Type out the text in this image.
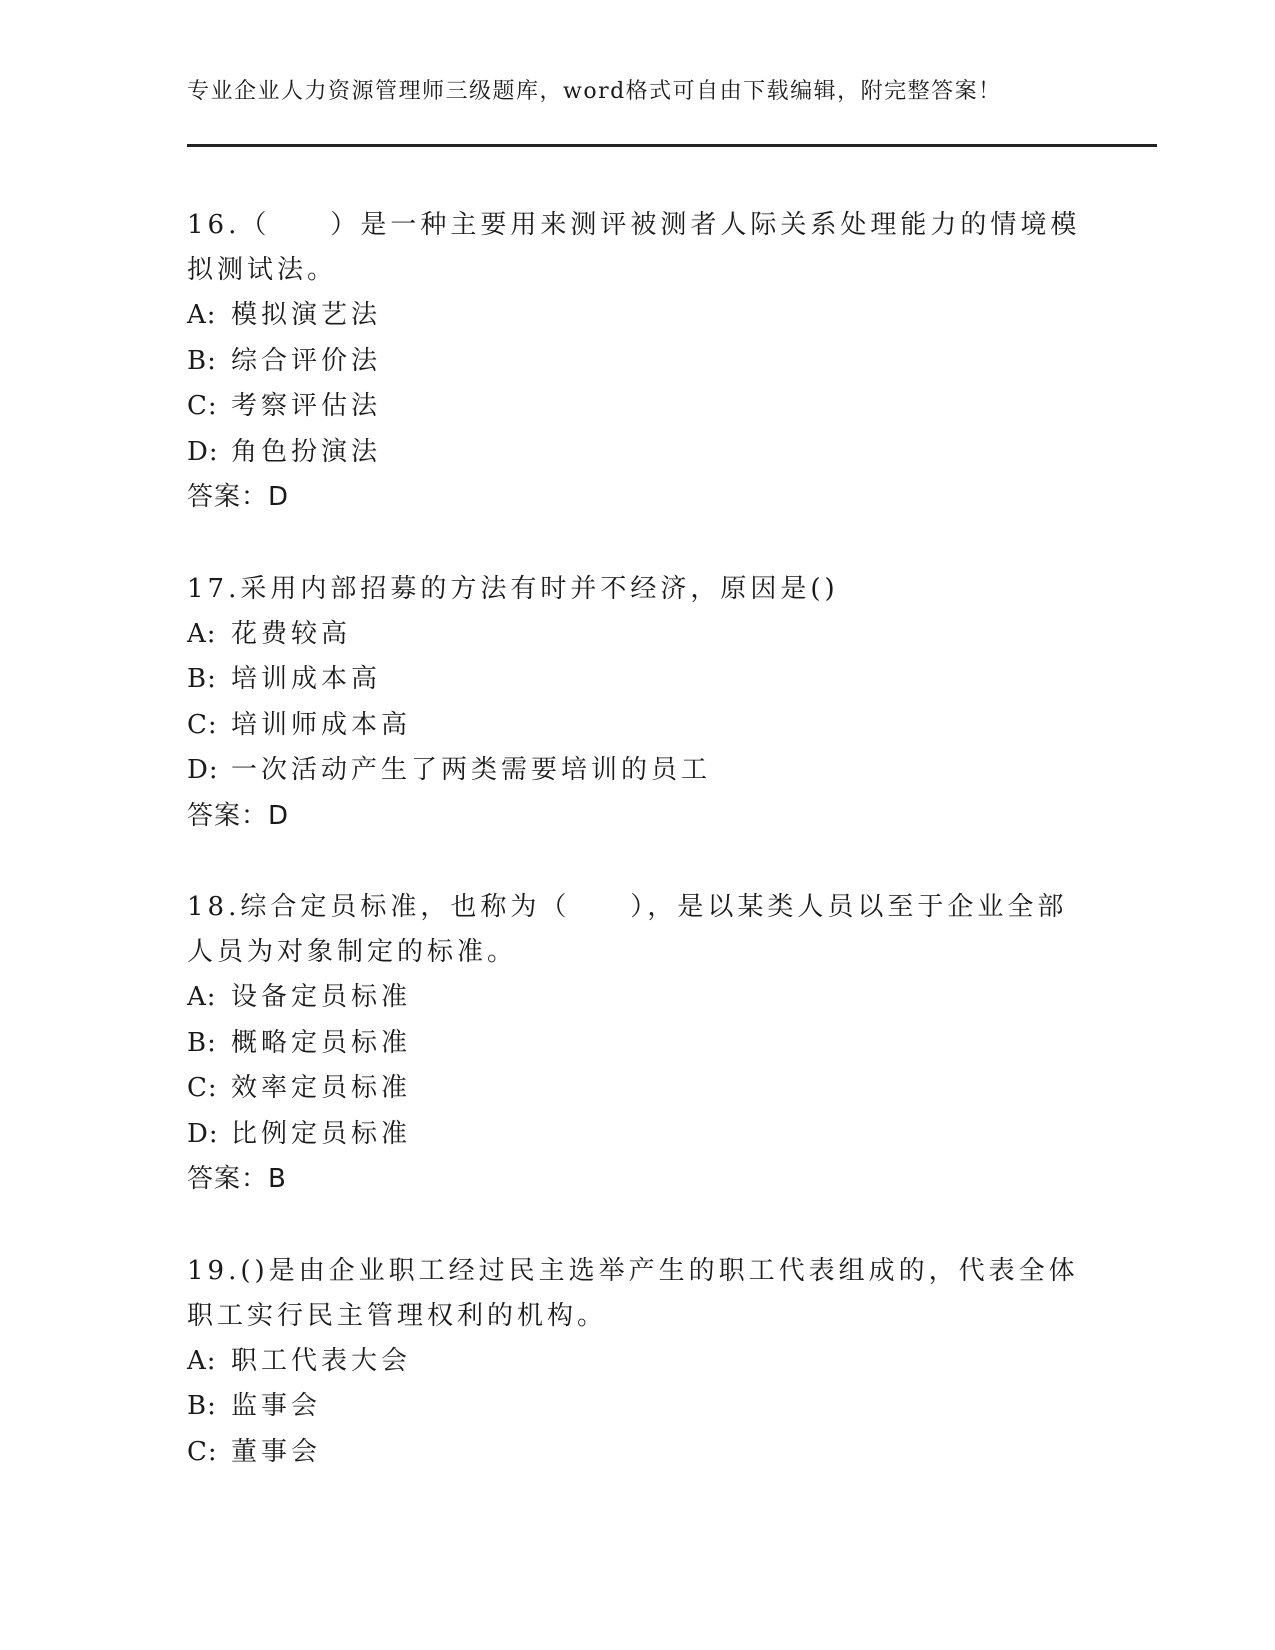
专业企业人力资源管理师三级题库，word格式可自由下载编辑，附完整答案！

16.（　　）是一种主要用来测评被测者人际关系处理能力的情境模拟测试法。

A: 模拟演艺法
B: 综合评价法
C: 考察评估法
D: 角色扮演法
答案：D

17.采用内部招募的方法有时并不经济，原因是()

A: 花费较高
B: 培训成本高
C: 培训师成本高
D: 一次活动产生了两类需要培训的员工
答案：D

18.综合定员标准，也称为（　　），是以某类人员以至于企业全部人员为对象制定的标准。

A: 设备定员标准
B: 概略定员标准
C: 效率定员标准
D: 比例定员标准
答案：B

19.()是由企业职工经过民主选举产生的职工代表组成的，代表全体职工实行民主管理权利的机构。

A: 职工代表大会
B: 监事会
C: 董事会
